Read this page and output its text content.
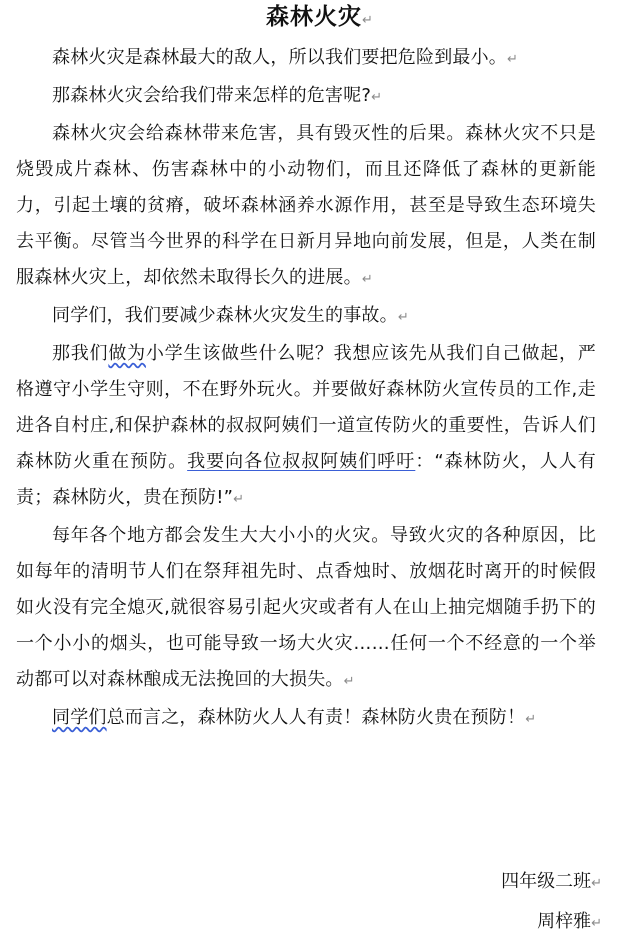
森林火灾↵

森林火灾是森林最大的敌人，所以我们要把危险到最小。↵

那森林火灾会给我们带来怎样的危害呢?↵

森林火灾会给森林带来危害，具有毁灭性的后果。森林火灾不只是烧毁成片森林、伤害森林中的小动物们，而且还降低了森林的更新能力，引起土壤的贫瘠，破坏森林涵养水源作用，甚至是导致生态环境失去平衡。尽管当今世界的科学在日新月异地向前发展，但是，人类在制服森林火灾上，却依然未取得长久的进展。↵

同学们，我们要减少森林火灾发生的事故。↵

那我们做为小学生该做些什么呢？我想应该先从我们自己做起，严格遵守小学生守则，不在野外玩火。并要做好森林防火宣传员的工作,走进各自村庄,和保护森林的叔叔阿姨们一道宣传防火的重要性，告诉人们森林防火重在预防。我要向各位叔叔阿姨们呼吁：“森林防火，人人有责；森林防火，贵在预防!”↵

每年各个地方都会发生大大小小的火灾。导致火灾的各种原因，比如每年的清明节人们在祭拜祖先时、点香烛时、放烟花时离开的时候假如火没有完全熄灭,就很容易引起火灾或者有人在山上抽完烟随手扔下的一个小小的烟头，也可能导致一场大火灾……任何一个不经意的一个举动都可以对森林酿成无法挽回的大损失。↵

同学们总而言之，森林防火人人有责！森林防火贵在预防！↵

四年级二班↵
周梓雅↵
